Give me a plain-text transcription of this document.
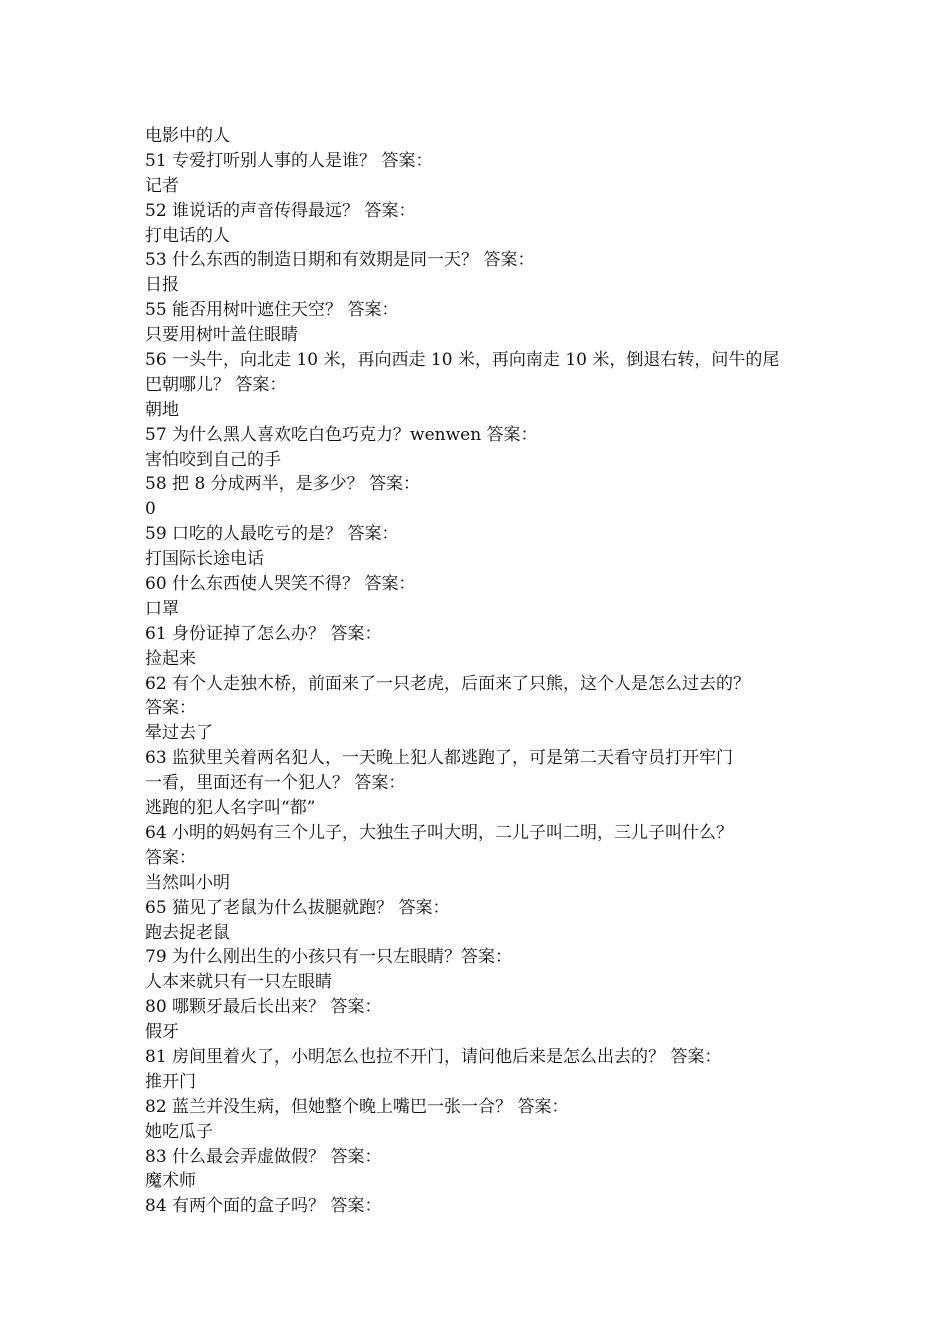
电影中的人
51 专爱打听别人事的人是谁？ 答案：
记者
52 谁说话的声音传得最远？ 答案：
打电话的人
53 什么东西的制造日期和有效期是同一天？ 答案：
日报
55 能否用树叶遮住天空？ 答案：
只要用树叶盖住眼睛
56 一头牛，向北走 10 米，再向西走 10 米，再向南走 10 米，倒退右转，问牛的尾
巴朝哪儿？ 答案：
朝地
57 为什么黑人喜欢吃白色巧克力？wenwen 答案：
害怕咬到自己的手
58 把 8 分成两半，是多少？ 答案：
0
59 口吃的人最吃亏的是？ 答案：
打国际长途电话
60 什么东西使人哭笑不得？ 答案：
口罩
61 身份证掉了怎么办？ 答案：
捡起来
62 有个人走独木桥，前面来了一只老虎，后面来了只熊，这个人是怎么过去的？
答案：
晕过去了
63 监狱里关着两名犯人，一天晚上犯人都逃跑了，可是第二天看守员打开牢门
一看，里面还有一个犯人？ 答案：
逃跑的犯人名字叫“都”
64 小明的妈妈有三个儿子，大独生子叫大明，二儿子叫二明，三儿子叫什么？
答案：
当然叫小明
65 猫见了老鼠为什么拔腿就跑？ 答案：
跑去捉老鼠
79 为什么刚出生的小孩只有一只左眼睛？答案：
人本来就只有一只左眼睛
80 哪颗牙最后长出来？ 答案：
假牙
81 房间里着火了，小明怎么也拉不开门，请问他后来是怎么出去的？ 答案：
推开门
82 蓝兰并没生病，但她整个晚上嘴巴一张一合？ 答案：
她吃瓜子
83 什么最会弄虚做假？ 答案：
魔术师
84 有两个面的盒子吗？ 答案：
